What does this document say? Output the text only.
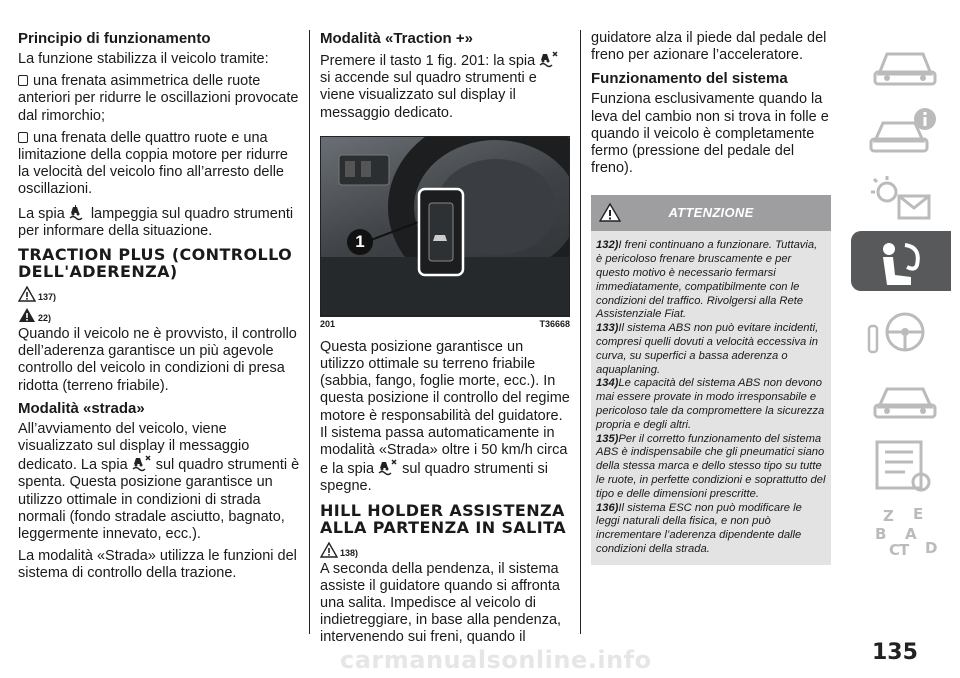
Principio di funzionamento
La funzione stabilizza il veicolo tramite:
una frenata asimmetrica delle ruote anteriori per ridurre le oscillazioni provocate dal rimorchio;
una frenata delle quattro ruote e una limitazione della coppia motore per ridurre la velocità del veicolo fino all’arresto delle oscillazioni.
La spia lampeggia sul quadro strumenti per informare della situazione.
TRACTION PLUS (CONTROLLO DELL'ADERENZA)
137)
22)
Quando il veicolo ne è provvisto, il controllo dell’aderenza garantisce un più agevole controllo del veicolo in condizioni di presa ridotta (terreno friabile).
Modalità «strada»
All’avviamento del veicolo, viene visualizzato sul display il messaggio dedicato. La spia sul quadro strumenti è spenta. Questa posizione garantisce un utilizzo ottimale in condizioni di strada normali (fondo stradale asciutto, bagnato, leggermente innevato, ecc.).
La modalità «Strada» utilizza le funzioni del sistema di controllo della trazione.
Modalità «Traction +»
Premere il tasto 1 fig. 201: la spia  si accende sul quadro strumenti e viene visualizzato sul display il messaggio dedicato.
1
201	T36668
Questa posizione garantisce un utilizzo ottimale su terreno friabile (sabbia, fango, foglie morte, ecc.). In questa posizione il controllo del regime motore è responsabilità del guidatore. Il sistema passa automaticamente in modalità «Strada» oltre i 50 km/h circa e la spia sul quadro strumenti si spegne.
HILL HOLDER ASSISTENZA ALLA PARTENZA IN SALITA
138)
A seconda della pendenza, il sistema assiste il guidatore quando si affronta una salita. Impedisce al veicolo di indietreggiare, in base alla pendenza, intervenendo sui freni, quando il
guidatore alza il piede dal pedale del freno per azionare l’acceleratore.
Funzionamento del sistema
Funziona esclusivamente quando la leva del cambio non si trova in folle e quando il veicolo è completamente fermo (pressione del pedale del freno).
ATTENZIONE

132)I freni continuano a funzionare. Tuttavia, è pericoloso frenare bruscamente e per questo motivo è necessario fermarsi immediatamente, compatibilmente con le condizioni del traffico. Rivolgersi alla Rete Assistenziale Fiat.

133)Il sistema ABS non può evitare incidenti, compresi quelli dovuti a velocità eccessiva in curva, su superfici a bassa aderenza o aquaplaning.

134)Le capacità del sistema ABS non devono mai essere provate in modo irresponsabile e pericoloso tale da compromettere la sicurezza propria e degli altri.

135)Per il corretto funzionamento del sistema ABS è indispensabile che gli pneumatici siano della stessa marca e dello stesso tipo su tutte le ruote, in perfette condizioni e soprattutto del tipo e delle dimensioni prescritte.

136)Il sistema ESC non può modificare le leggi naturali della fisica, e non può incrementare l’aderenza dipendente dalle condizioni della strada.

Z E
A
B
C
T D
carmanualsonline.info	135
